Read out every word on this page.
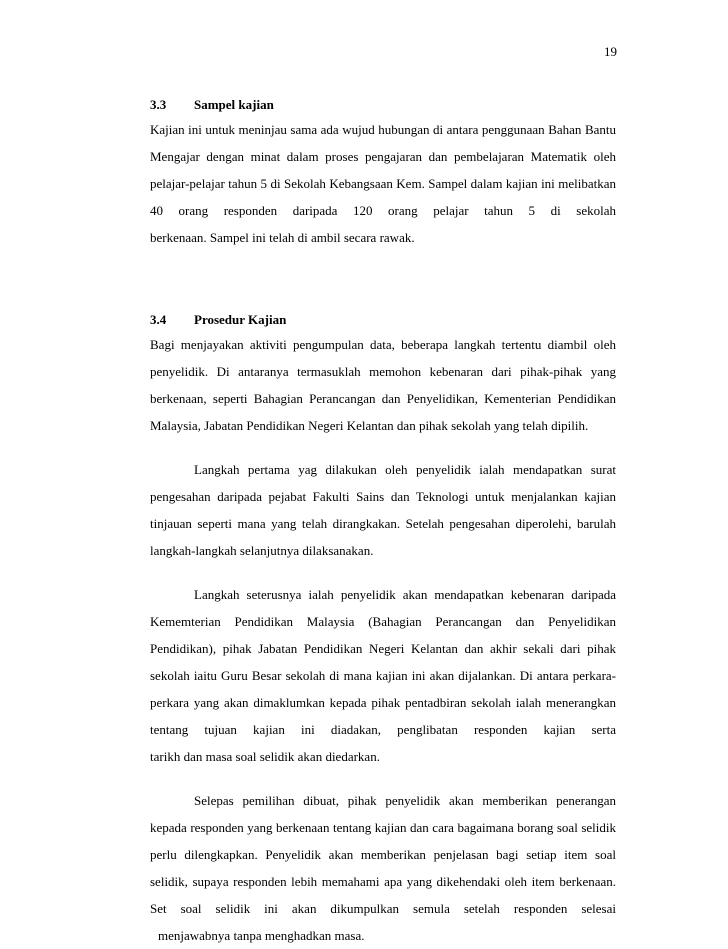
19
3.3 Sampel kajian

Kajian ini untuk meninjau sama ada wujud hubungan di antara penggunaan Bahan Bantu Mengajar dengan minat dalam proses pengajaran dan pembelajaran Matematik oleh pelajar-pelajar tahun 5 di Sekolah Kebangsaan Kem. Sampel dalam kajian ini melibatkan 40 orang responden daripada 120 orang pelajar tahun 5 di sekolah
berkenaan. Sampel ini telah di ambil secara rawak.

3.4 Prosedur Kajian

Bagi menjayakan aktiviti pengumpulan data, beberapa langkah tertentu diambil oleh penyelidik. Di antaranya termasuklah memohon kebenaran dari pihak-pihak yang berkenaan, seperti Bahagian Perancangan dan Penyelidikan, Kementerian Pendidikan
Malaysia, Jabatan Pendidikan Negeri Kelantan dan pihak sekolah yang telah dipilih.

Langkah pertama yag dilakukan oleh penyelidik ialah mendapatkan surat pengesahan daripada pejabat Fakulti Sains dan Teknologi untuk menjalankan kajian tinjauan seperti mana yang telah dirangkakan. Setelah pengesahan diperolehi, barulah
langkah-langkah selanjutnya dilaksanakan.

Langkah seterusnya ialah penyelidik akan mendapatkan kebenaran daripada Kememterian Pendidikan Malaysia (Bahagian Perancangan dan Penyelidikan Pendidikan), pihak Jabatan Pendidikan Negeri Kelantan dan akhir sekali dari pihak sekolah iaitu Guru Besar sekolah di mana kajian ini akan dijalankan. Di antara perkara-perkara yang akan dimaklumkan kepada pihak pentadbiran sekolah ialah menerangkan tentang tujuan kajian ini diadakan, penglibatan responden kajian serta
tarikh dan masa soal selidik akan diedarkan.

Selepas pemilihan dibuat, pihak penyelidik akan memberikan penerangan kepada responden yang berkenaan tentang kajian dan cara bagaimana borang soal selidik perlu dilengkapkan. Penyelidik akan memberikan penjelasan bagi setiap item soal selidik, supaya responden lebih memahami apa yang dikehendaki oleh item berkenaan. Set soal selidik ini akan dikumpulkan semula setelah responden selesai
menjawabnya tanpa menghadkan masa.
